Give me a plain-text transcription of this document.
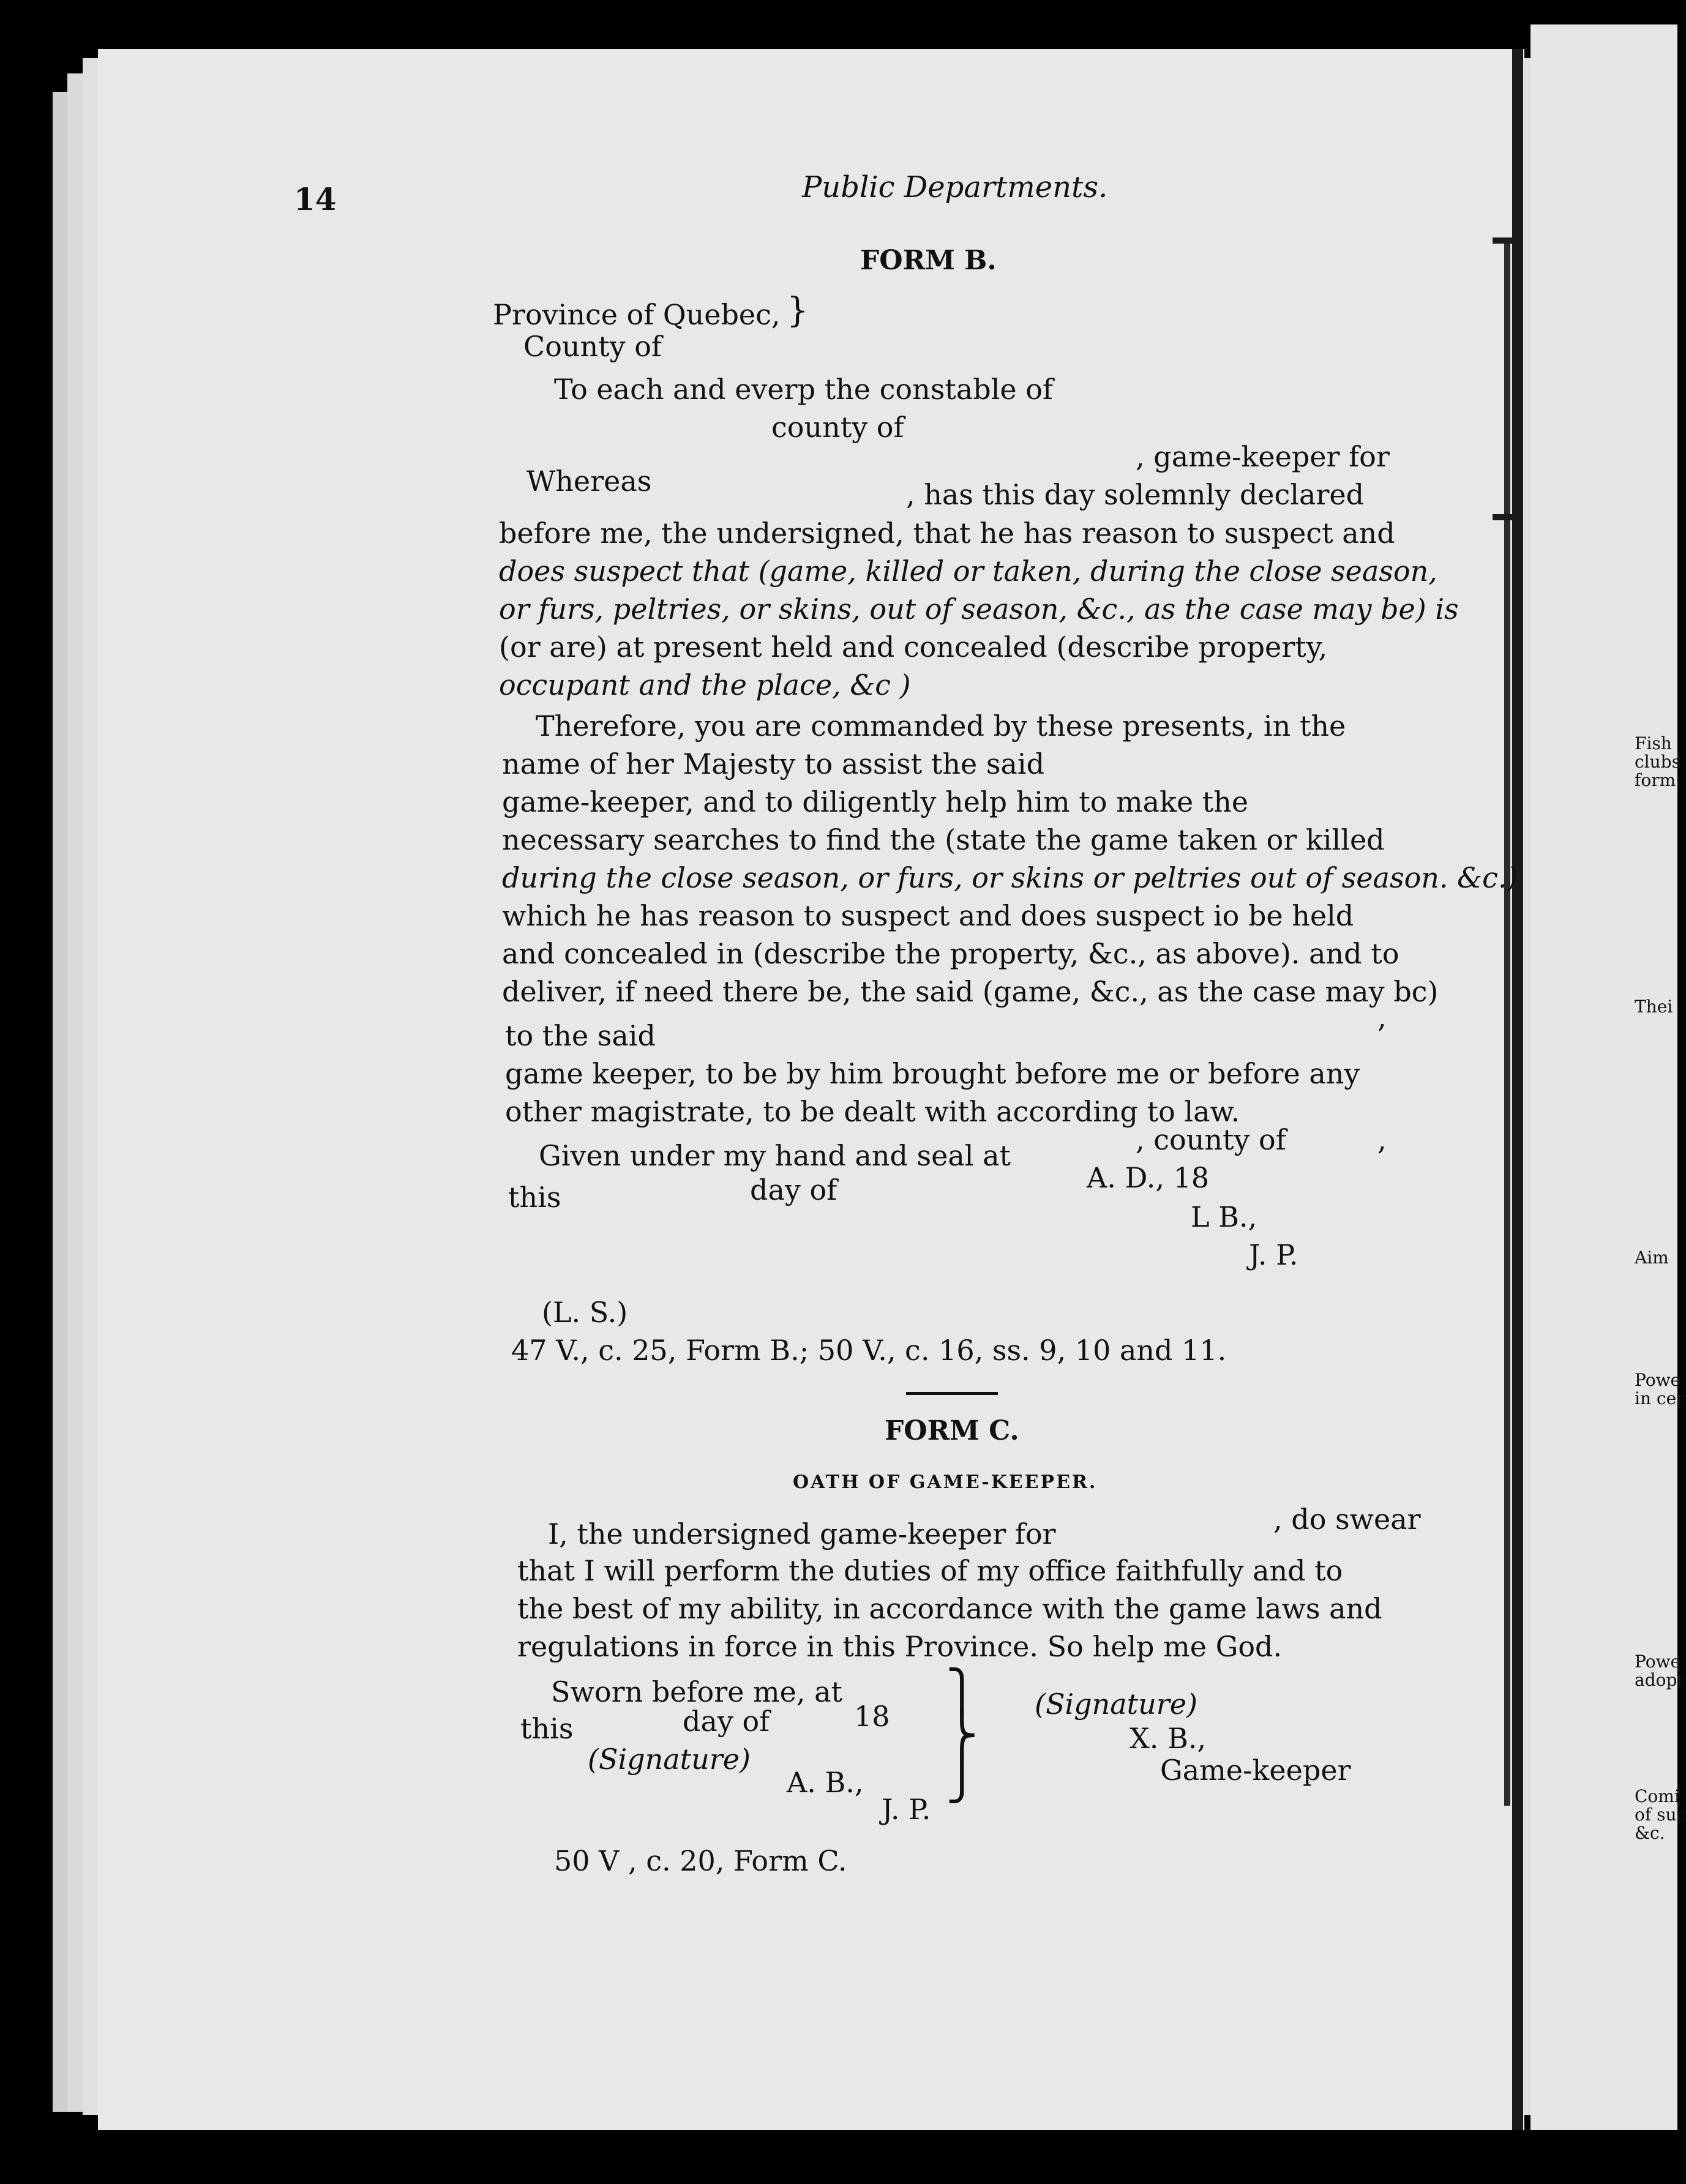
Fish
clubs
form
Thei
Aim
Powe
in cer
Powe
adopt
Comi
of suc
&c.
14	Public Departments.
FORM B.
Province of Quebec,
County of
}
To each and everp the constable of
county of
Whereas
, game-keeper for
, has this day solemnly declared
before me, the undersigned, that he has reason to suspect and
does suspect that (game, killed or taken, during the close season,
or furs, peltries, or skins, out of season, &c., as the case may be) is
(or are) at present held and concealed (describe property,
occupant and the place, &c )
Therefore, you are commanded by these presents, in the
name of her Majesty to assist the said
game-keeper, and to diligently help him to make the
necessary searches to find the (state the game taken or killed
during the close season, or furs, or skins or peltries out of season. &c.)
which he has reason to suspect and does suspect io be held
and concealed in (describe the property, &c., as above). and to
deliver, if need there be, the said (game, &c., as the case may bc)
to the said
,
game keeper, to be by him brought before me or before any
other magistrate, to be dealt with according to law.
Given under my hand and seal at	, county of	,
this	day of	A. D., 18
L B.,
J. P.
(L. S.)
47 V., c. 25, Form B.; 50 V., c. 16, ss. 9, 10 and 11.
FORM C.
OATH OF GAME-KEEPER.
I, the undersigned game-keeper for	, do swear
that I will perform the duties of my office faithfully and to
the best of my ability, in accordance with the game laws and
regulations in force in this Province. So help me God.
Sworn before me, at
this	day of	18
(Signature)
A. B.,
J. P.
⎫
⎬
⎭
(Signature)
X. B.,
Game-keeper
50 V , c. 20, Form C.
